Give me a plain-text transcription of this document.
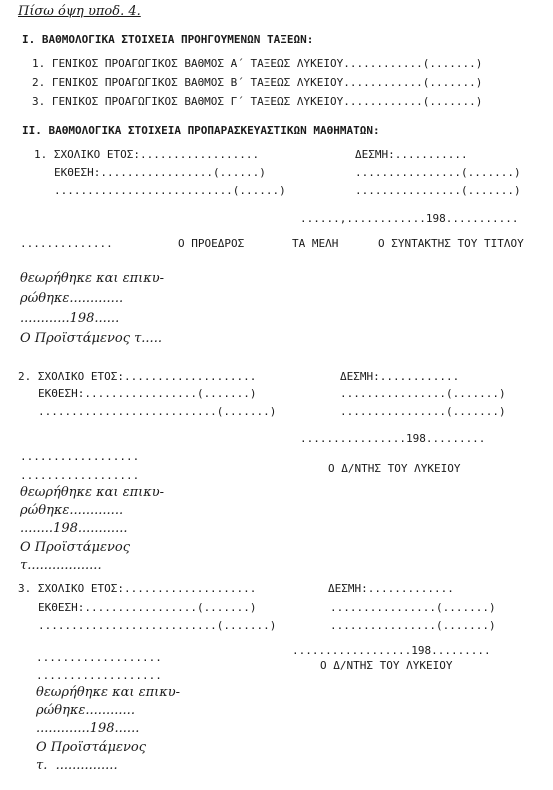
Πίσω όψη υποδ. 4.
I. ΒΑΘΜΟΛΟΓΙΚΑ ΣΤΟΙΧΕΙΑ ΠΡΟΗΓΟΥΜΕΝΩΝ ΤΑΞΕΩΝ:
1. ΓΕΝΙΚΟΣ ΠΡΟΑΓΩΓΙΚΟΣ ΒΑΘΜΟΣ Α΄ ΤΑΞΕΩΣ ΛΥΚΕΙΟΥ............(.......)
2. ΓΕΝΙΚΟΣ ΠΡΟΑΓΩΓΙΚΟΣ ΒΑΘΜΟΣ Β΄ ΤΑΞΕΩΣ ΛΥΚΕΙΟΥ............(.......)
3. ΓΕΝΙΚΟΣ ΠΡΟΑΓΩΓΙΚΟΣ ΒΑΘΜΟΣ Γ΄ ΤΑΞΕΩΣ ΛΥΚΕΙΟΥ............(.......)
II. ΒΑΘΜΟΛΟΓΙΚΑ ΣΤΟΙΧΕΙΑ ΠΡΟΠΑΡΑΣΚΕΥΑΣΤΙΚΩΝ ΜΑΘΗΜΑΤΩΝ:
1. ΣΧΟΛΙΚΟ ΕΤΟΣ:..................	ΔΕΣΜΗ:...........
ΕΚΘΕΣΗ:.................(......)	................(.......)
...........................(......)	................(.......)
......,............198...........
..............	Ο ΠΡΟΕΔΡΟΣ	ΤΑ ΜΕΛΗ	Ο ΣΥΝΤΑΚΤΗΣ ΤΟΥ ΤΙΤΛΟΥ
θεωρήθηκε και επικυ-
ρώθηκε.............
............198......
Ο Προϊστάμενος τ.....
2. ΣΧΟΛΙΚΟ ΕΤΟΣ:....................	ΔΕΣΜΗ:............
ΕΚΘΕΣΗ:.................(.......)	................(.......)
...........................(.......)	................(.......)
................198.........
..................
..................
Ο Δ/ΝΤΗΣ ΤΟΥ ΛΥΚΕΙΟΥ
θεωρήθηκε και επικυ-
ρώθηκε.............
........198............
Ο Προϊστάμενος
τ..................
3. ΣΧΟΛΙΚΟ ΕΤΟΣ:....................	ΔΕΣΜΗ:.............
ΕΚΘΕΣΗ:.................(.......)	................(.......)
...........................(.......)	................(.......)
..................198.........
...................
Ο Δ/ΝΤΗΣ ΤΟΥ ΛΥΚΕΙΟΥ
...................
θεωρήθηκε και επικυ-
ρώθηκε............
.............198......
Ο Προϊστάμενος
τ.  ...............
